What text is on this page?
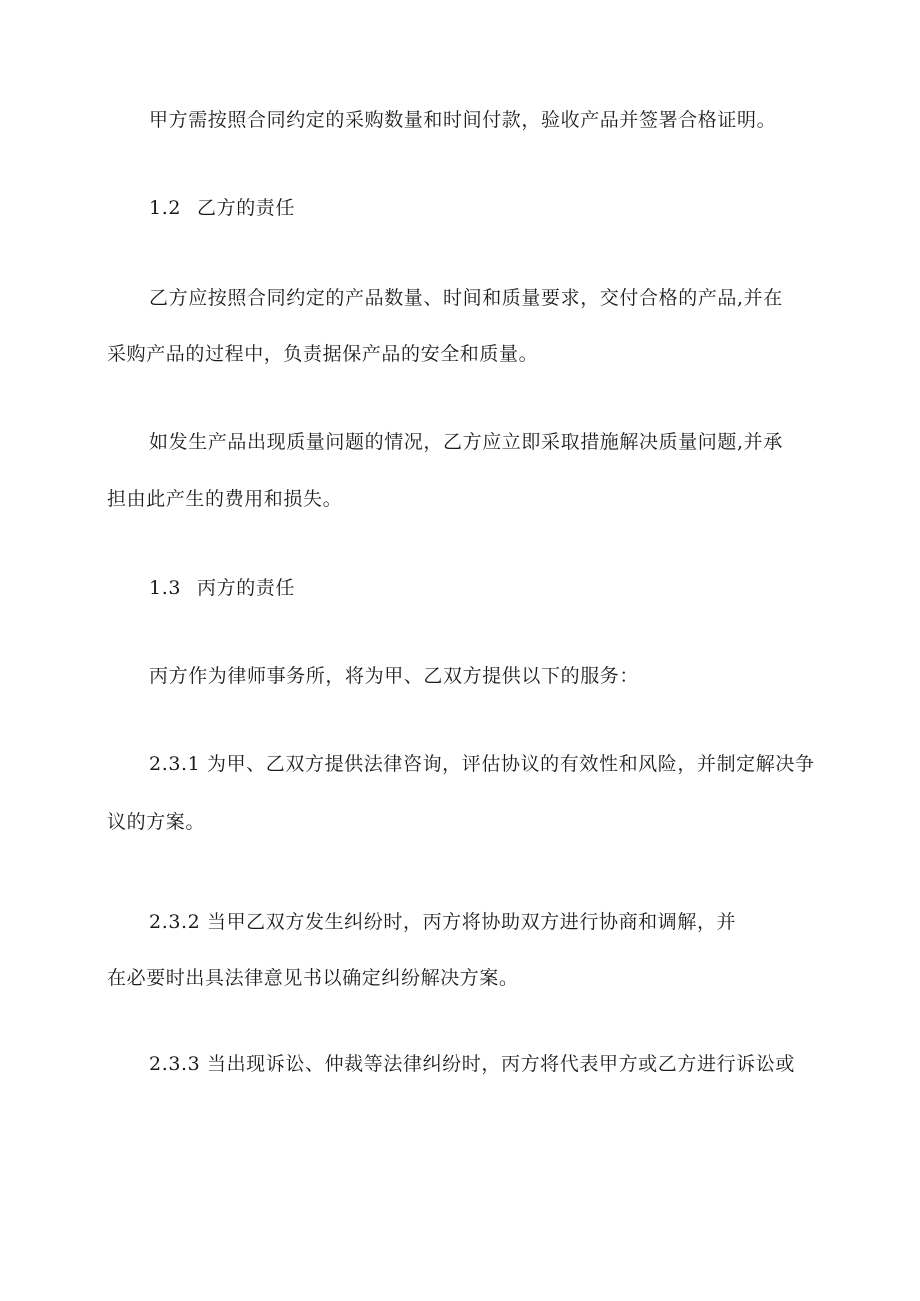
甲方需按照合同约定的采购数量和时间付款，验收产品并签署合格证明。
1.2 乙方的责任
乙方应按照合同约定的产品数量、时间和质量要求，交付合格的产品,并在
采购产品的过程中，负责据保产品的安全和质量。
如发生产品出现质量问题的情况，乙方应立即采取措施解决质量问题,并承
担由此产生的费用和损失。
1.3 丙方的责任
丙方作为律师事务所，将为甲、乙双方提供以下的服务：
2.3.1 为甲、乙双方提供法律咨询，评估协议的有效性和风险，并制定解决争
议的方案。
2.3.2 当甲乙双方发生纠纷时，丙方将协助双方进行协商和调解，并
在必要时出具法律意见书以确定纠纷解决方案。
2.3.3 当出现诉讼、仲裁等法律纠纷时，丙方将代表甲方或乙方进行诉讼或
